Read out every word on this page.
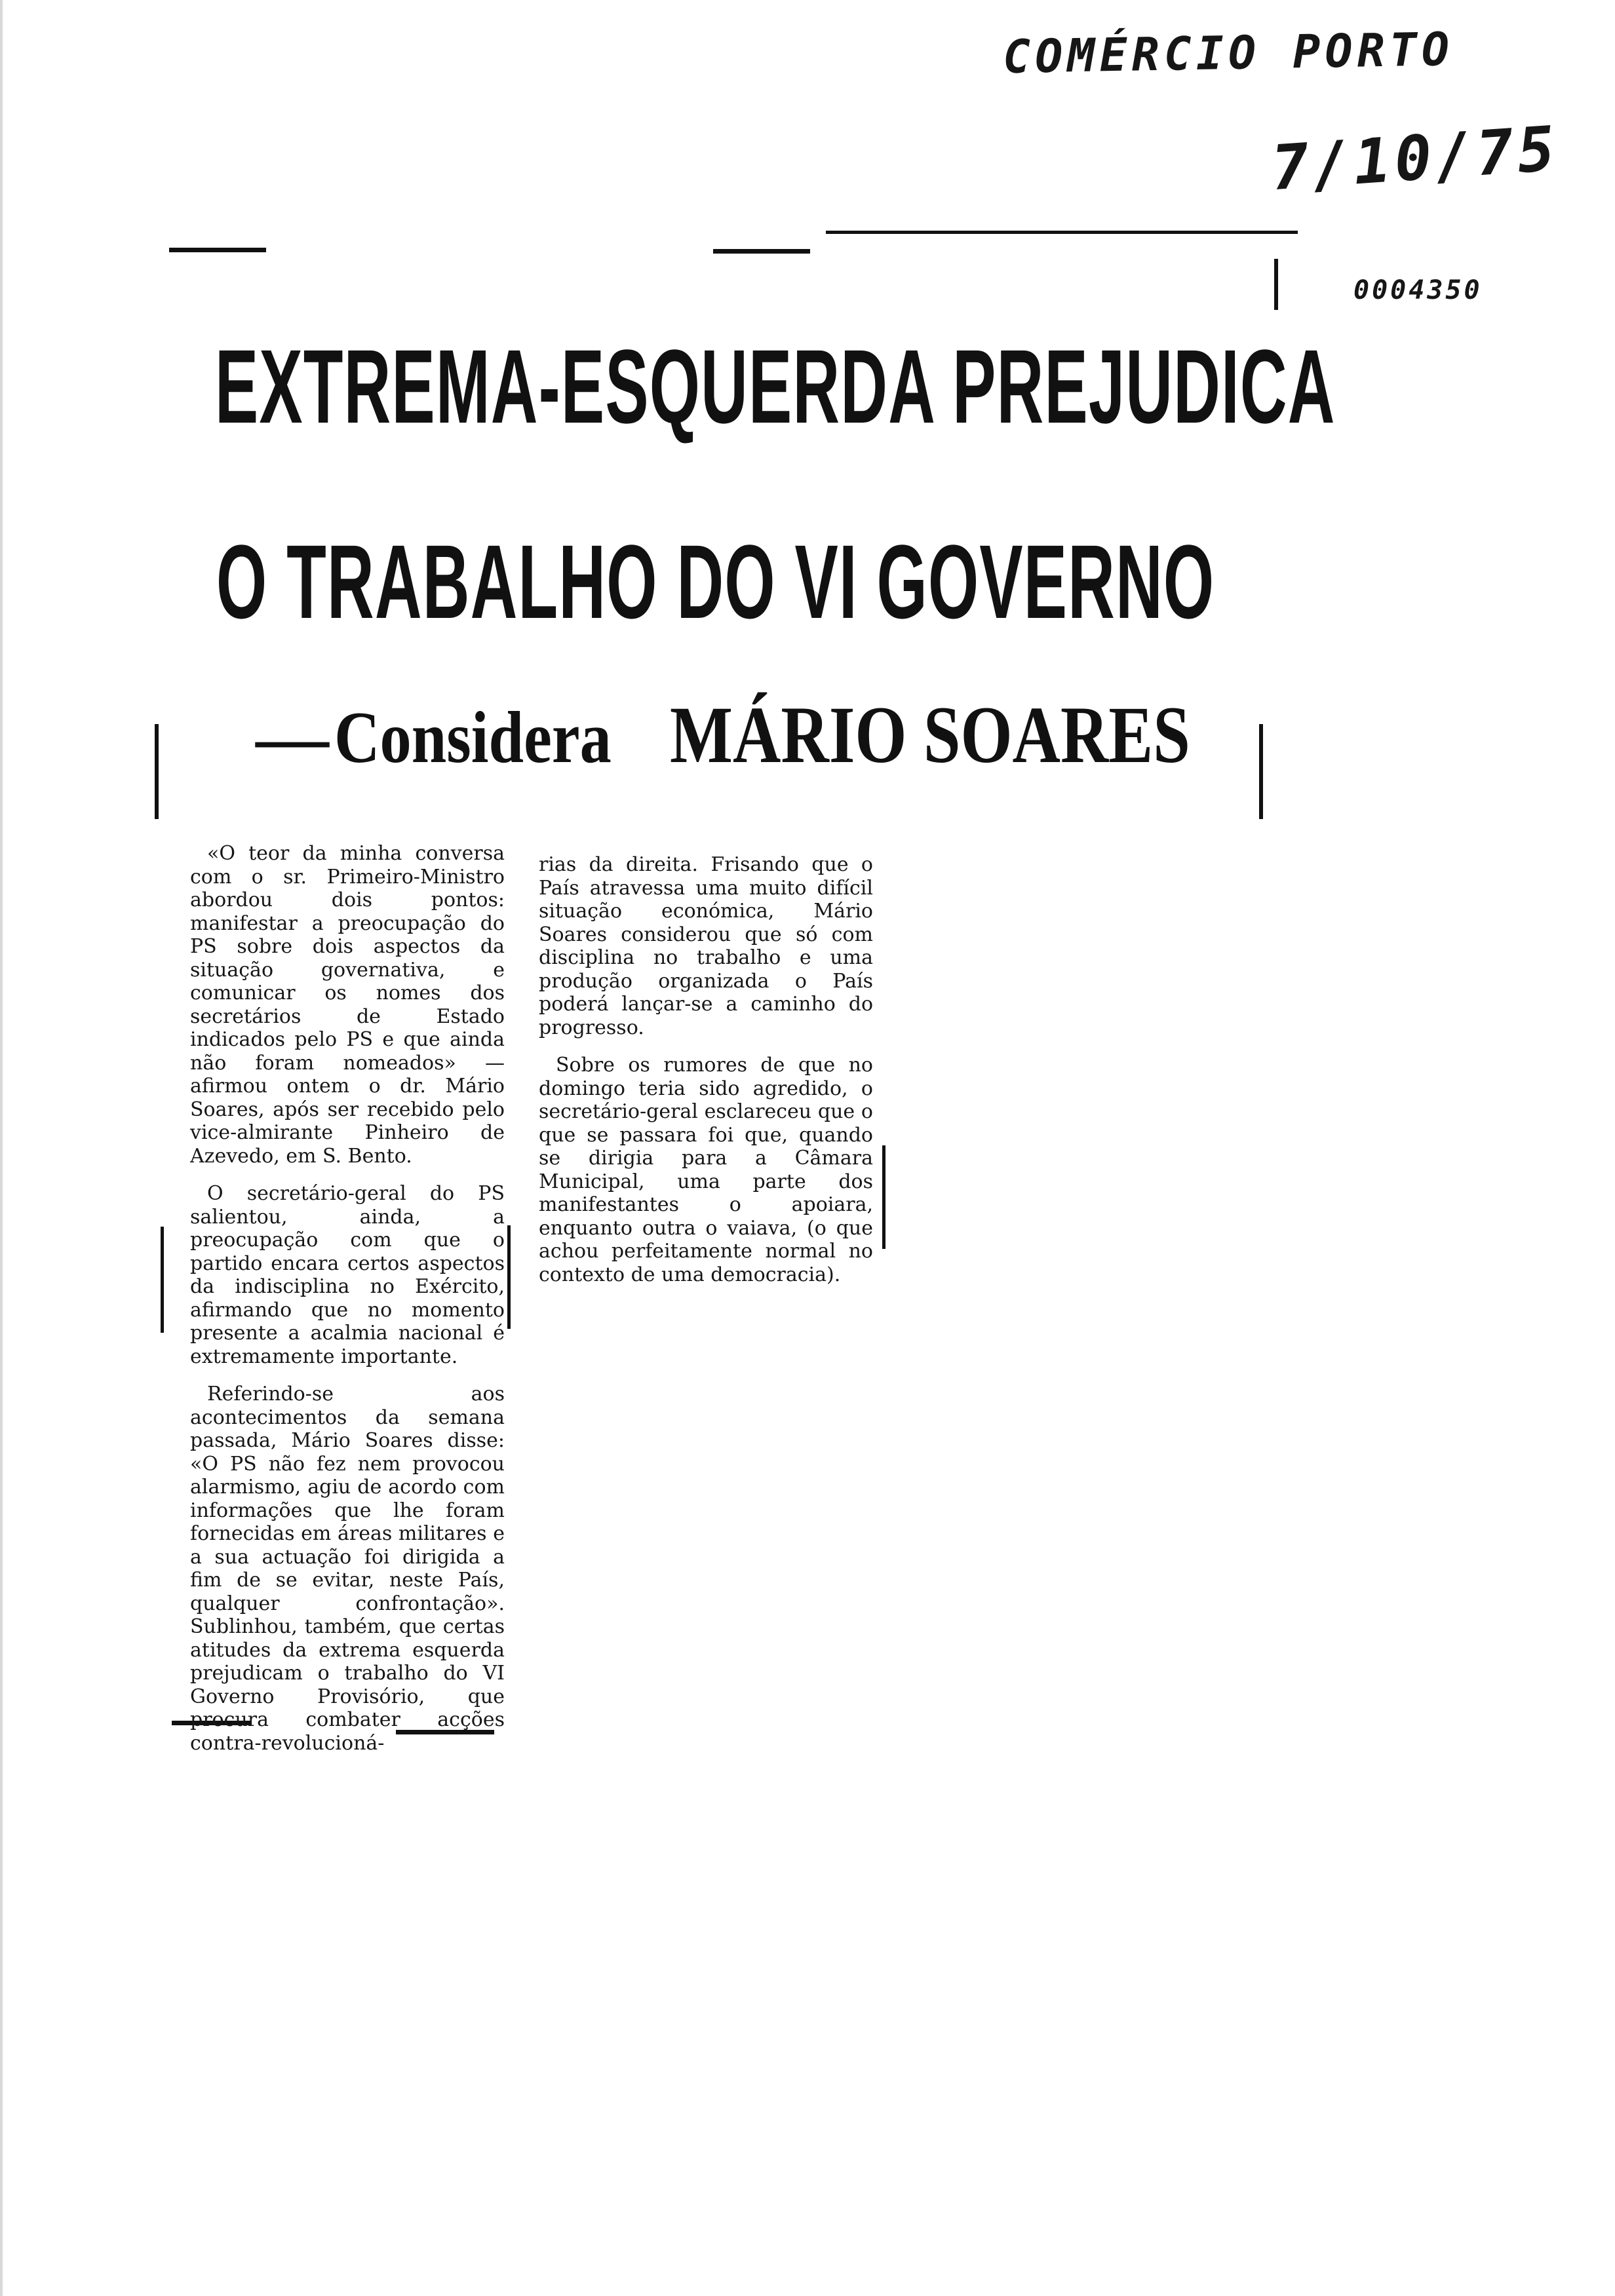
COMÉRCIO PORTO
7/10/75
0004350
EXTREMA-ESQUERDA PREJUDICA
O TRABALHO DO VI GOVERNO
— Considera MÁRIO SOARES

«O teor da minha conversa com o sr. Primeiro-Ministro abordou dois pontos: manifestar a preocupação do PS sobre dois aspectos da situação governativa, e comunicar os nomes dos secretários de Estado indicados pelo PS e que ainda não foram nomeados» — afirmou ontem o dr. Mário Soares, após ser recebido pelo vice-almirante Pinheiro de Azevedo, em S. Bento.

O secretário-geral do PS salientou, ainda, a preocupação com que o partido encara certos aspectos da indisciplina no Exército, afirmando que no momento presente a acalmia nacional é extremamente importante.

Referindo-se aos acontecimentos da semana passada, Mário Soares disse: «O PS não fez nem provocou alarmismo, agiu de acordo com informações que lhe foram fornecidas em áreas militares e a sua actuação foi dirigida a fim de se evitar, neste País, qualquer confrontação». Sublinhou, também, que certas atitudes da extrema esquerda prejudicam o trabalho do VI Governo Provisório, que procura combater acções contra-revolucioná-

rias da direita. Frisando que o País atravessa uma muito difícil situação económica, Mário Soares considerou que só com disciplina no trabalho e uma produção organizada o País poderá lançar-se a caminho do progresso.

Sobre os rumores de que no domingo teria sido agredido, o secretário-geral esclareceu que o que se passara foi que, quando se dirigia para a Câmara Municipal, uma parte dos manifestantes o apoiara, enquanto outra o vaiava, (o que achou perfeitamente normal no contexto de uma democracia).
